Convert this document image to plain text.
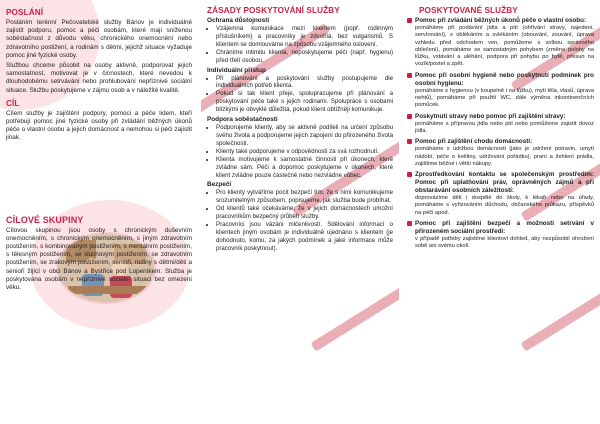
POSLÁNÍ

Posláním terénní Pečovatelské služby Bánov je individuálně zajistit podporu, pomoc a péči osobám, které mají sníženou soběstačnost z důvodu věku, chronického onemocnění nebo zdravotního postižení, a rodinám s dětmi, jejichž situace vyžaduje pomoc jiné fyzické osoby.

Službou chceme působit na osoby aktivně, podporovat jejich samostatnost, motivovat je v činnostech, které nevedou k dlouhodobému setrvávání nebo prohlubování nepříznivé sociální situace. Službu poskytujeme v zájmu osob a v náležité kvalitě.

CÍL

Cílem služby je zajištění podpory, pomoci a péče lidem, kteří potřebují pomoc jiné fyzické osoby při zvládání běžných úkonů péče o vlastní osobu a jejich domácnost a nemohou si péči zajistit jinak.

CÍLOVÉ SKUPINY

Cílovou skupinou jsou osoby s chronickým duševním onemocněním, s chronickým onemocněním, s jiným zdravotním postižením, s kombinovaným postižením, s mentálním postižením, s tělesným postižením, se sluchovým postižením, se zdravotním postižením, se zrakovým postižením, senioři, rodiny s dětmi/děti a senioři žijící v obci Bánov a Bystřice pod Lopeníkem. Služba je poskytována osobám v nepříznivé sociální situaci bez omezení věku.

ZÁSADY POSKYTOVÁNÍ SLUŽBY
Ochrana důstojnosti
• Vzájemná komunikace mezi klientem (popř. rodinným příslušníkem) a pracovníky je zdvořilá, bez vulgarismů. S klientem se domlouváme na způsobu vzájemného oslovení.
• Chráníme intimitu klienta, neposkytujeme péči (např. hygienu) před třetí osobou.
Individuální přístup
• Při plánování a poskytování služby postupujeme dle individuálních potřeb klienta.
• Pokud si tak klient přeje, spolupracujeme při plánování a poskytování péče také s jejich rodinami. Spolupráce s osobami blízkými je obvyklé důležitá, pokud klient obtížněji komunikuje.
Podpora soběstačnosti
• Podporujeme klienty, aby se aktivně podíleli na určení způsobu svého života a podporujeme jejich zapojení do přirozeného života společnosti.
• Klienty také podporujeme v odpovědnosti za svá rozhodnutí.
• Klienta motivujeme k samostatné činnosti při úkonech, které zvládne sám. Péči a dopomoc poskytujeme v úkonech, které klient zvládne pouze částečně nebo nezvládne vůbec.
Bezpečí
• Pro klienty vytváříme pocit bezpečí tím, že s nimi komunikujeme srozumitelným způsobem, popisujeme, jak služba bude probíhat.
• Od klientů také očekáváme, že v jejich domácnostech umožní pracovníkům bezpečný průběh služby.
• Pracovníci jsou vázáni mlčenlivostí. Sdělování informací o klientech jiným osobám je individuálně ujednáno s klientem (je dohodnuto, komu, za jakých podmínek a jaké informace může pracovník poskytnout).
POSKYTOVANÉ SLUŽBY

Pomoc při zvládání běžných úkonů péče o vlastní osobu:

pomáháme při podávání jídla a pití (ohřívání stravy, najedení, servírování), s oblékáním a svlékáním (obouvání, zouvání, úprava vzhledu před odchodem ven, pomůžeme s volbou správného oblečení), pomáháme se samostatným pohybem (změna polohy na lůžku, vstávání a uléhání, podpora při pohybu po bytě, přesun na vozík/postel a zpět.

Pomoc při osobní hygieně nebo poskytnutí podmínek pro osobní hygienu:

pomáháme s hygienou (v koupelně i na lůžku), mytí těla, vlasů, úprava nehtů), pomáháme při použití WC, dále výměna inkontinenčních pomůcek.

Poskytnutí stravy nebo pomoc při zajištění stravy:

pomáháme s přípravou jídla nebo pití nebo pomůžeme zajistit dovoz jídla.

Pomoc při zajištění chodu domácnosti:

pomáháme s údržbou domácnosti (jako je udržení potravin, umytí nádobí, péče o květiny, udržování pořádku), praní a žehlení prádla, zajištíme běžné i větší nákupy.

Zprostředkování kontaktu se společenským prostředím: Pomoc při uplatňování práv, oprávněných zájmů a při obstarávání osobních záležitostí:

doprovázíme děti i dospělé do školy, k lékaři nebo na úřady, pomáháme s vyřizováním důchodu, občanského průkazu, příspěvků na péči apod.

Pomoc při zajištění bezpečí a možností setrvání v přirozeném sociální prostředí:

v případě potřeby zajistíme klientovi dohled, aby nezpůsobil ohrožení sobě ani svému okolí.
